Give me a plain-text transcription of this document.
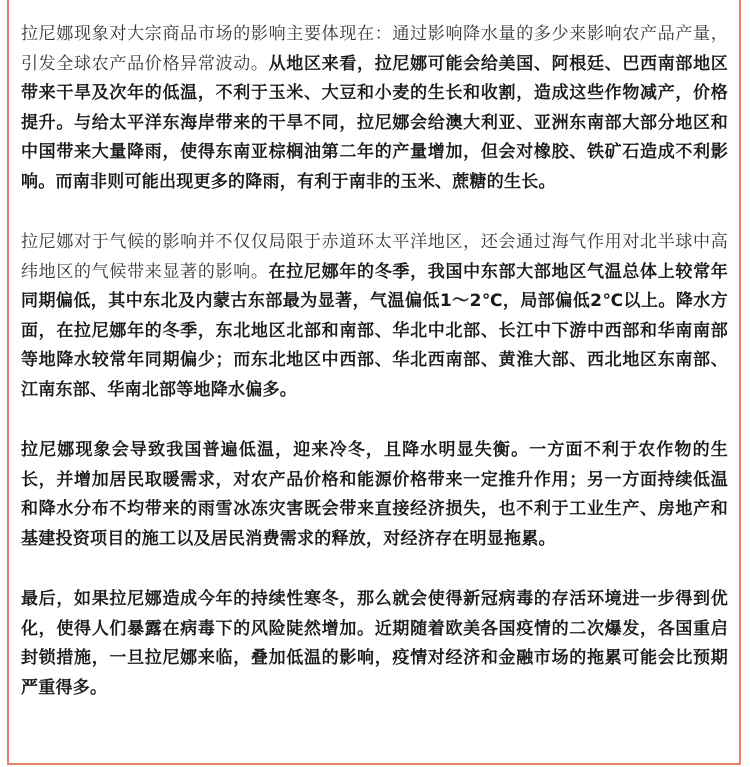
拉尼娜现象对大宗商品市场的影响主要体现在：通过影响降水量的多少来影响农产品产量，引发全球农产品价格异常波动。从地区来看，拉尼娜可能会给美国、阿根廷、巴西南部地区带来干旱及次年的低温，不利于玉米、大豆和小麦的生长和收割，造成这些作物减产，价格提升。与给太平洋东海岸带来的干旱不同，拉尼娜会给澳大利亚、亚洲东南部大部分地区和中国带来大量降雨，使得东南亚棕榈油第二年的产量增加，但会对橡胶、铁矿石造成不利影响。而南非则可能出现更多的降雨，有利于南非的玉米、蔗糖的生长。

拉尼娜对于气候的影响并不仅仅局限于赤道环太平洋地区，还会通过海气作用对北半球中高纬地区的气候带来显著的影响。在拉尼娜年的冬季，我国中东部大部地区气温总体上较常年同期偏低，其中东北及内蒙古东部最为显著，气温偏低1～2℃，局部偏低2℃以上。降水方面，在拉尼娜年的冬季，东北地区北部和南部、华北中北部、长江中下游中西部和华南南部等地降水较常年同期偏少；而东北地区中西部、华北西南部、黄淮大部、西北地区东南部、江南东部、华南北部等地降水偏多。

拉尼娜现象会导致我国普遍低温，迎来冷冬，且降水明显失衡。一方面不利于农作物的生长，并增加居民取暖需求，对农产品价格和能源价格带来一定推升作用；另一方面持续低温和降水分布不均带来的雨雪冰冻灾害既会带来直接经济损失，也不利于工业生产、房地产和基建投资项目的施工以及居民消费需求的释放，对经济存在明显拖累。

最后，如果拉尼娜造成今年的持续性寒冬，那么就会使得新冠病毒的存活环境进一步得到优化，使得人们暴露在病毒下的风险陡然增加。近期随着欧美各国疫情的二次爆发，各国重启封锁措施，一旦拉尼娜来临，叠加低温的影响，疫情对经济和金融市场的拖累可能会比预期严重得多。
